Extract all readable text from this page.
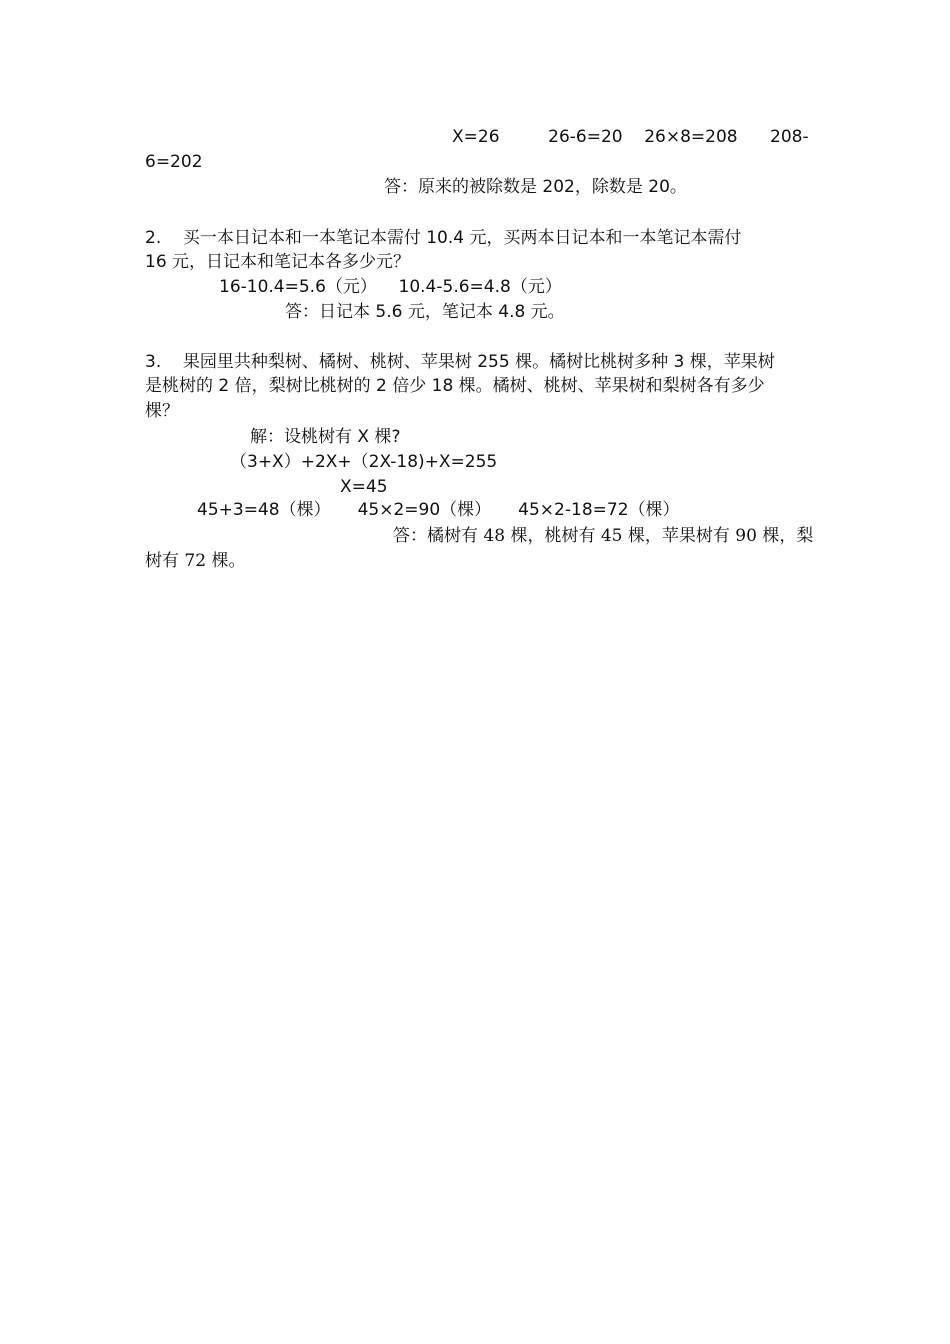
X=26         26-6=20    26×8=208      208-
6=202
答：原来的被除数是 202，除数是 20。
2.    买一本日记本和一本笔记本需付 10.4 元，买两本日记本和一本笔记本需付
16 元，日记本和笔记本各多少元？
16-10.4=5.6（元）    10.4-5.6=4.8（元）
答：日记本 5.6 元，笔记本 4.8 元。
3.    果园里共种梨树、橘树、桃树、苹果树 255 棵。橘树比桃树多种 3 棵，苹果树
是桃树的 2 倍，梨树比桃树的 2 倍少 18 棵。橘树、桃树、苹果树和梨树各有多少
棵？
解：设桃树有 X 棵?
（3+X）+2X+（2X-18)+X=255
X=45
45+3=48（棵）     45×2=90（棵）     45×2-18=72（棵）
答：橘树有 48 棵，桃树有 45 棵，苹果树有 90 棵，梨
树有 72 棵。
